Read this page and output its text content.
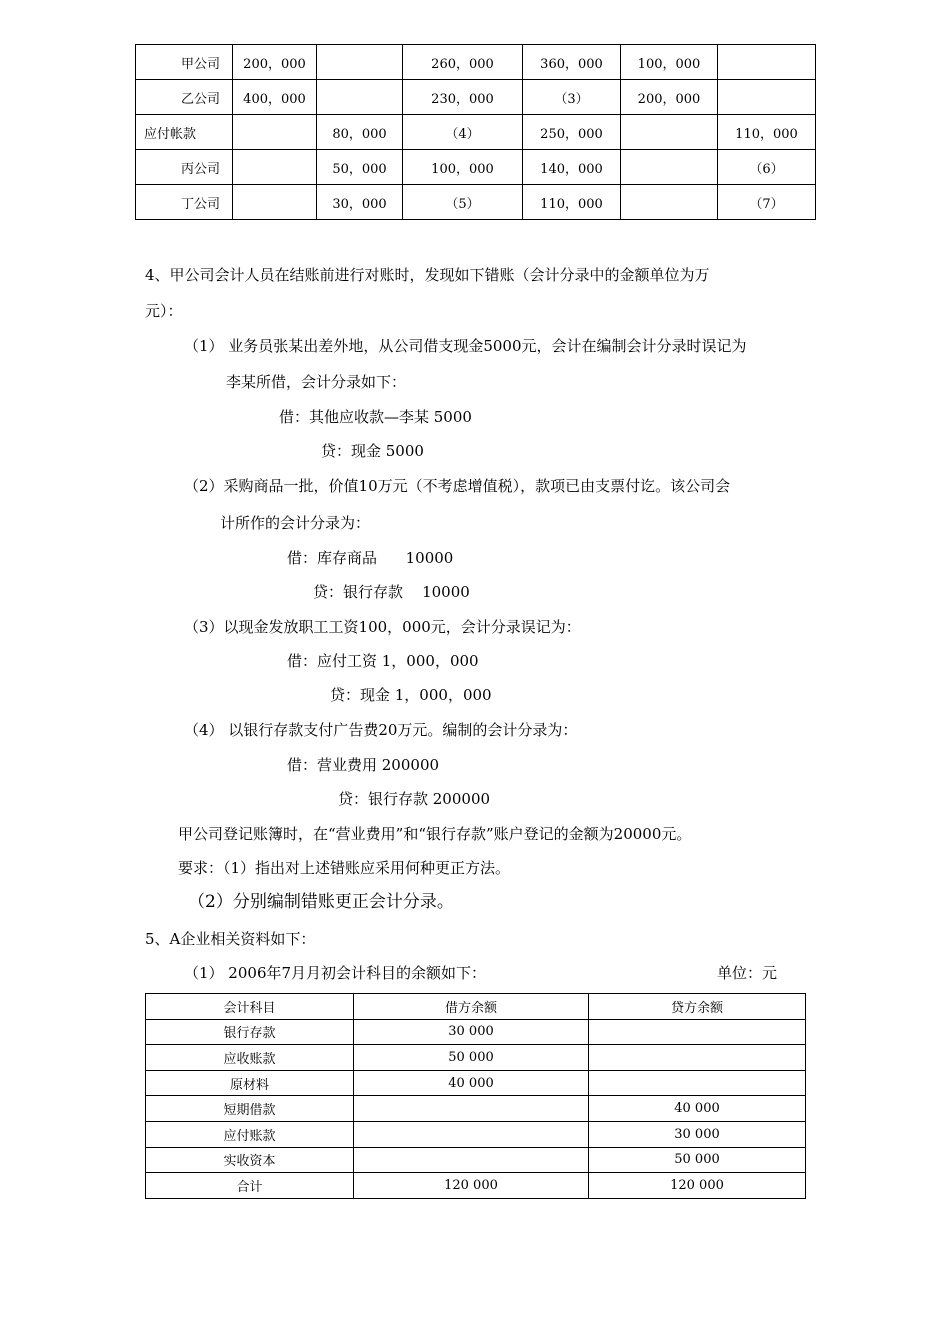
甲公司	200，000		260，000	360，000	100，000	
乙公司	400，000		230，000	（3）	200，000	
应付帐款		80，000	（4）	250，000		110，000
丙公司		50，000	100，000	140，000		（6）
丁公司		30，000	（5）	110，000		（7）
4、甲公司会计人员在结账前进行对账时，发现如下错账（会计分录中的金额单位为万
元）：
（1） 业务员张某出差外地，从公司借支现金5000元，会计在编制会计分录时误记为
李某所借，会计分录如下：
借：其他应收款—李某 5000
贷：现金 5000
（2）采购商品一批，价值10万元（不考虑增值税），款项已由支票付讫。该公司会
计所作的会计分录为：
借：库存商品      10000
贷：银行存款    10000
（3）以现金发放职工工资100，000元，会计分录误记为：
借：应付工资 1，000，000
贷：现金 1，000，000
（4） 以银行存款支付广告费20万元。编制的会计分录为：
借：营业费用 200000
贷：银行存款 200000
甲公司登记账簿时，在“营业费用”和“银行存款”账户登记的金额为20000元。
要求：（1）指出对上述错账应采用何种更正方法。
（2）分别编制错账更正会计分录。
5、A企业相关资料如下：
（1） 2006年7月月初会计科目的余额如下：	单位：元
会计科目	借方余额	贷方余额
银行存款	30 000	
应收账款	50 000	
原材料	40 000	
短期借款		40 000
应付账款		30 000
实收资本		50 000
合计	120 000	120 000
